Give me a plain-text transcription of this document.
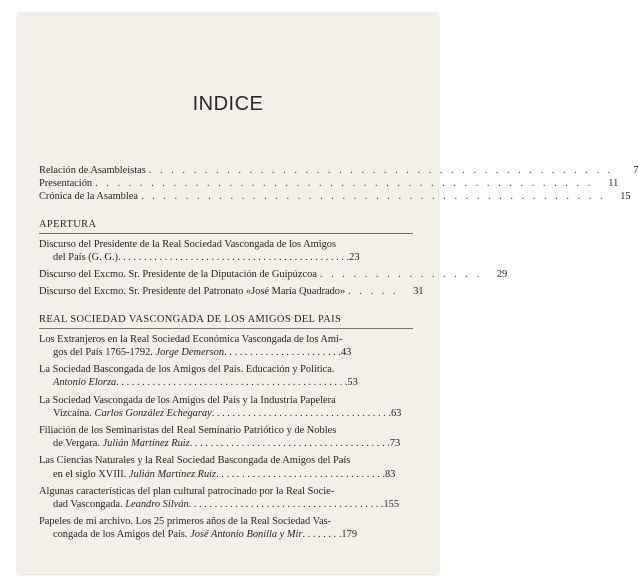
INDICE
Relación de Asambleístas . . . . . . . . . . . . . . . . . . . . . . . . . . . . . . . . . . . . . . . . . .	7
Presentación . . . . . . . . . . . . . . . . . . . . . . . . . . . . . . . . . . . . . . . . . . . . .	11
Crónica de la Asamblea . . . . . . . . . . . . . . . . . . . . . . . . . . . . . . . . . . . . . . . . . .	15
APERTURA
Discurso del Presidente de la Real Sociedad Vascongada de los Amigos
del País (G. G.) . . . . . . . . . . . . . . . . . . . . . . . . . . . . . . . . . . . . . . . . . . . . . 23
Discurso del Excmo. Sr. Presidente de la Diputación de Guipúzcoa . . . . . . . . . . . . . . .	29
Discurso del Excmo. Sr. Presidente del Patronato «José María Quadrado» . . . . .	31
REAL SOCIEDAD VASCONGADA DE LOS AMIGOS DEL PAIS
Los Extranjeros en la Real Sociedad Económica Vascongada de los Ami-
gos del País 1765-1792. Jorge Demerson . . . . . . . . . . . . . . . . . . . . . . . 43
La Sociedad Bascongada de los Amigos del País. Educación y Política.
Antonio Elorza . . . . . . . . . . . . . . . . . . . . . . . . . . . . . . . . . . . . . . . . . . . . . 53
La Sociedad Vascongada de los Amigos del País y la Industria Papelera
Vizcaína. Carlos González Echegaray . . . . . . . . . . . . . . . . . . . . . . . . . . . . . . . . . . . 63
Filiación de los Seminaristas del Real Seminario Patriótico y de Nobles
de Vergara. Julián Martínez Ruiz . . . . . . . . . . . . . . . . . . . . . . . . . . . . . . . . . . . . . . . 73
Las Ciencias Naturales y la Real Sociedad Bascongada de Amigos del País
en el siglo XVIII. Julián Martínez Ruiz . . . . . . . . . . . . . . . . . . . . . . . . . . . . . . . . . 83
Algunas características del plan cultural patrocinado por la Real Socie-
dad Vascongada. Leandro Silván . . . . . . . . . . . . . . . . . . . . . . . . . . . . . . . . . . . . . . 155
Papeles de mi archivo. Los 25 primeros años de la Real Sociedad Vas-
congada de los Amigos del País. José Antonio Bonilla y Mir . . . . . . . . 179
